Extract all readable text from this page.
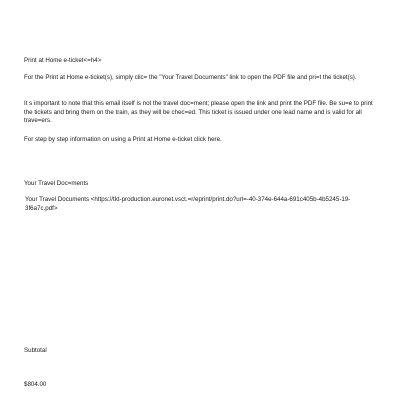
Print at Home e-ticket<=h4>

For the Print at Home e-ticket(s), simply clic= the "Your Travel Documents" link to open the PDF file and pri=t the ticket(s).

It s important to note that this email itself is not the travel doc=ment; please open the link and print the PDF file. Be su=e to print the tickets and bring them on the train, as they will be chec=ed. This ticket is issued under one lead name and is valid for all trave=ers.

For step by step information on using a Print at Home e-ticket click here.

Your Travel Doc=ments

Your Travel Documents <https://tkt-production.euronet.vsct.=r/eprint/print.do?url=-40-374e-644a-691c405b-4b5245-19-3f6a7c.pdf>

Subtotal

$804.00
